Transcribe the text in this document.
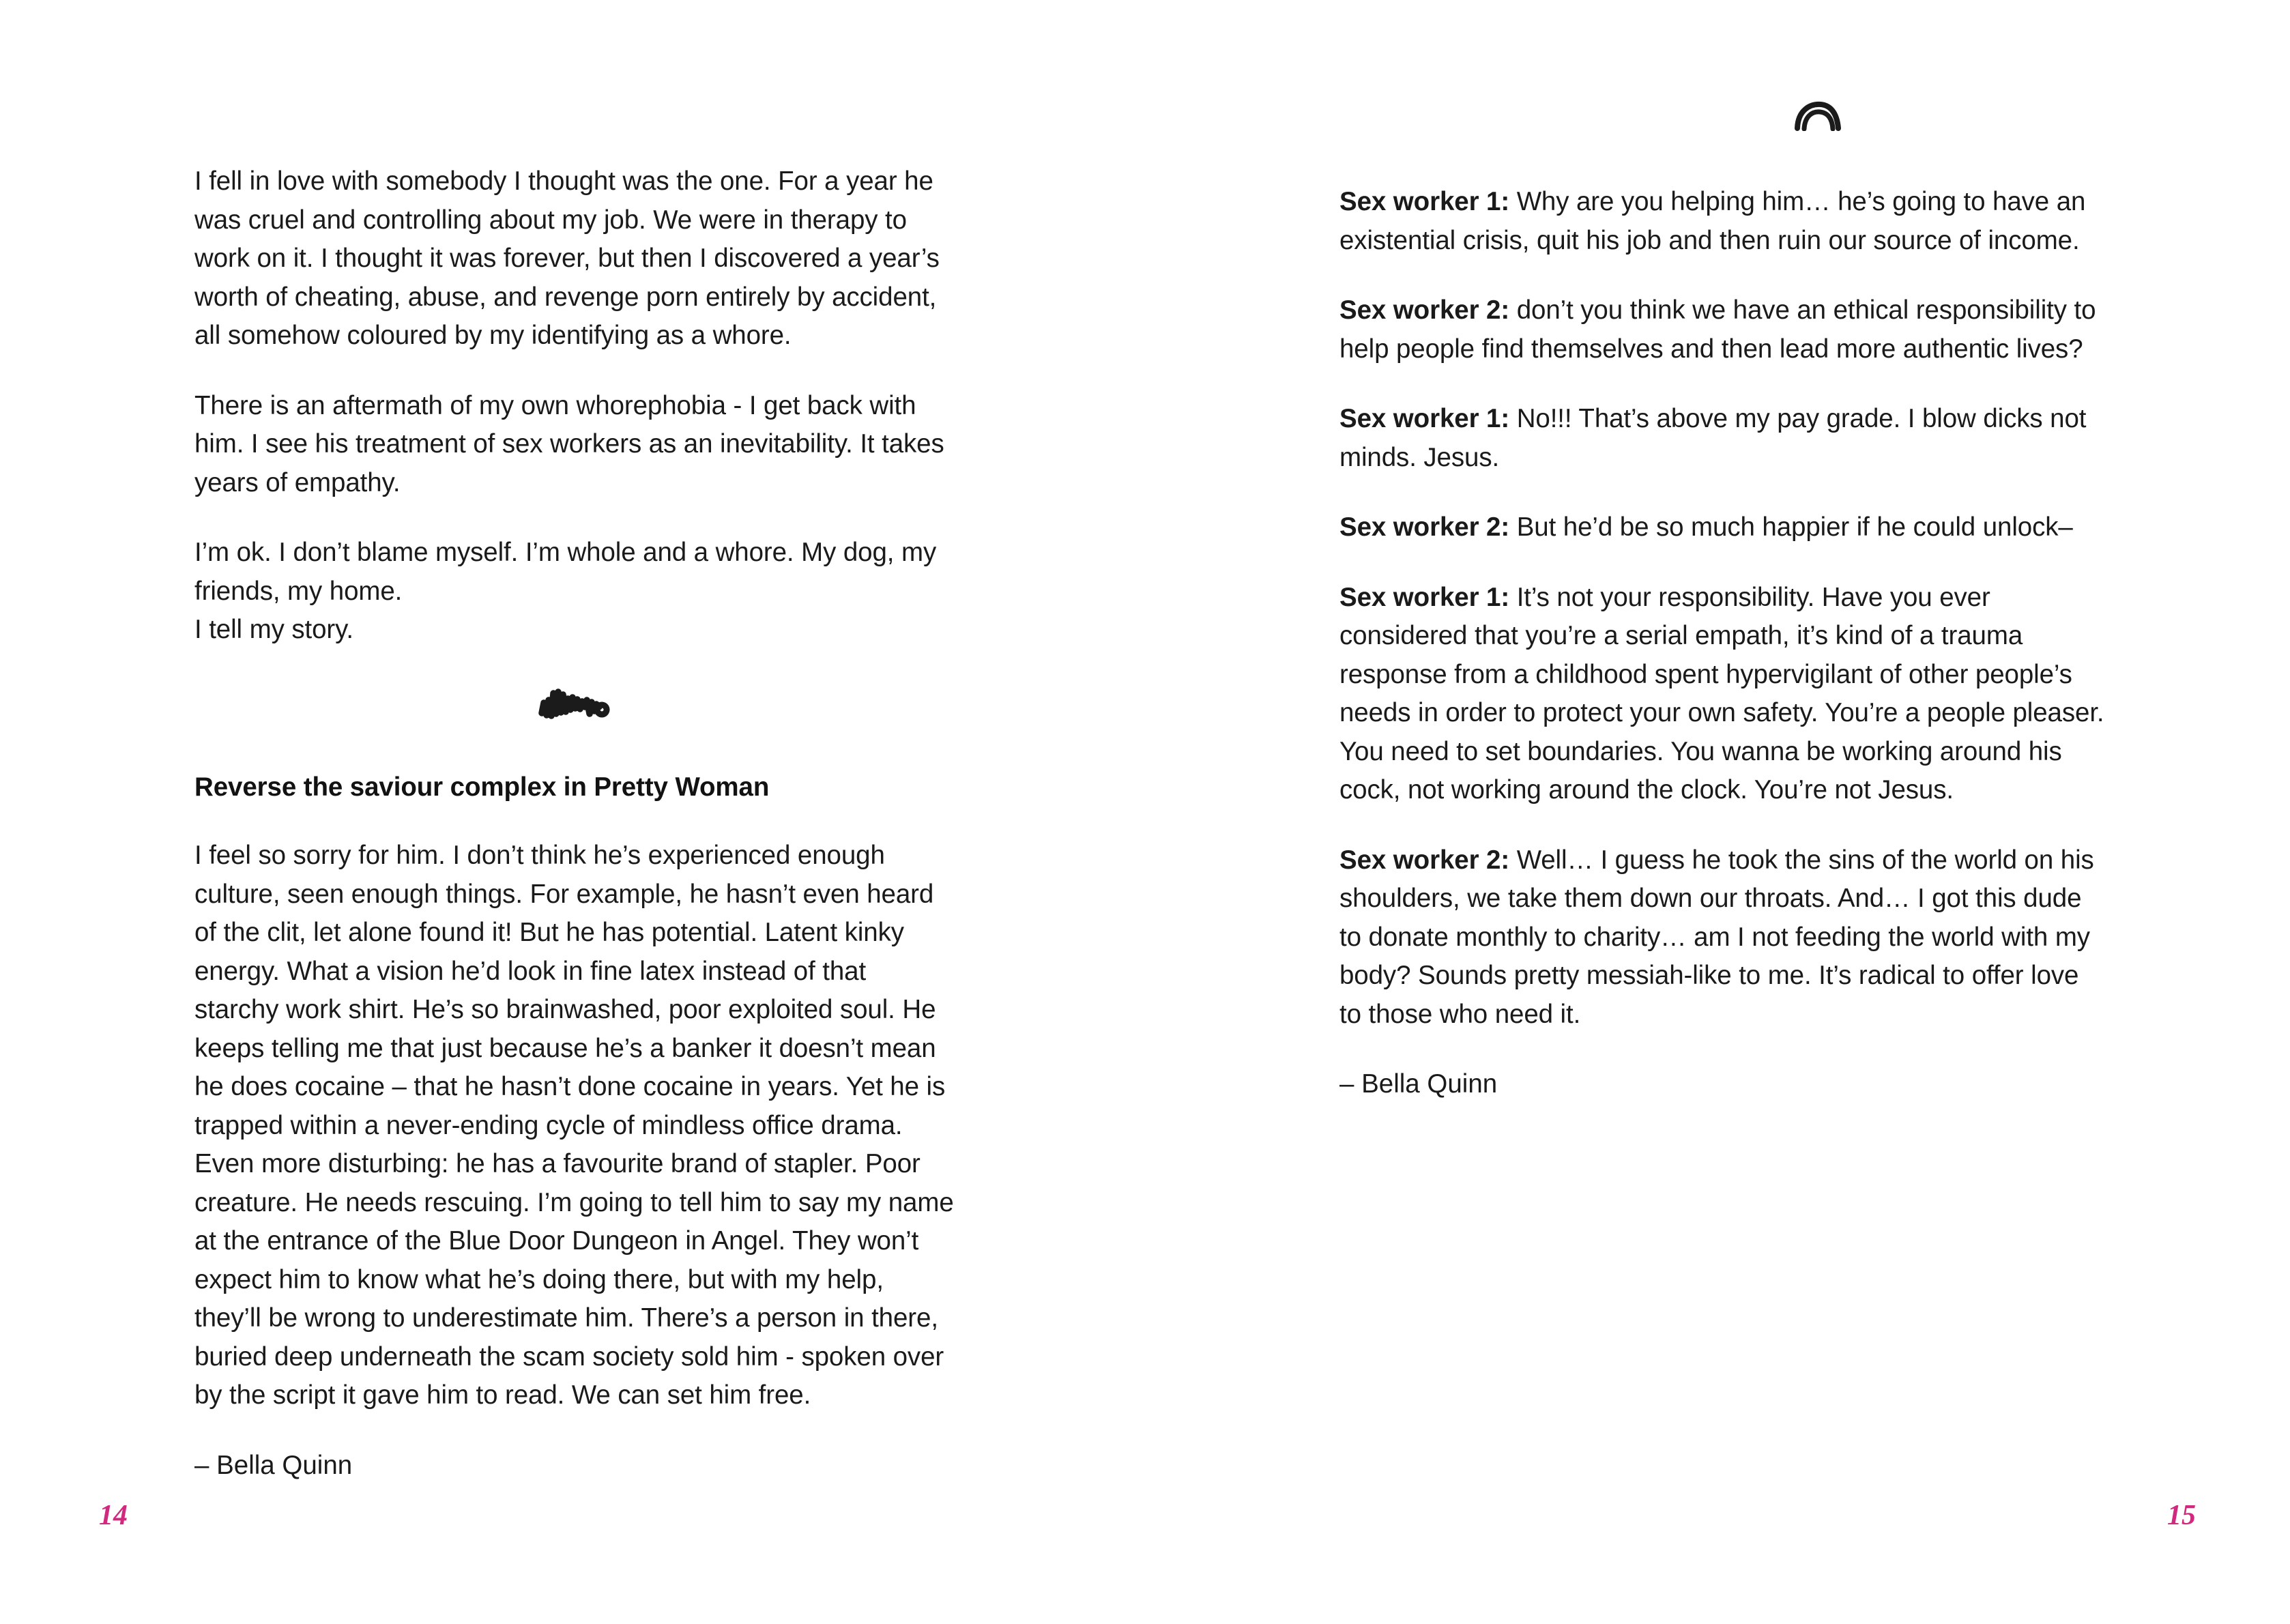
I fell in love with somebody I thought was the one. For a year he was cruel and controlling about my job. We were in therapy to work on it. I thought it was forever, but then I discovered a year’s worth of cheating, abuse, and revenge porn entirely by accident, all somehow coloured by my identifying as a whore.

There is an aftermath of my own whorephobia - I get back with him. I see his treatment of sex workers as an inevitability. It takes years of empathy.

I’m ok. I don’t blame myself. I’m whole and a whore. My dog, my friends, my home.

I tell my story.

Reverse the saviour complex in Pretty Woman

I feel so sorry for him. I don’t think he’s experienced enough culture, seen enough things. For example, he hasn’t even heard of the clit, let alone found it! But he has potential. Latent kinky energy. What a vision he’d look in fine latex instead of that starchy work shirt. He’s so brainwashed, poor exploited soul. He keeps telling me that just because he’s a banker it doesn’t mean he does cocaine – that he hasn’t done cocaine in years. Yet he is trapped within a never-ending cycle of mindless office drama. Even more disturbing: he has a favourite brand of stapler. Poor creature. He needs rescuing. I’m going to tell him to say my name at the entrance of the Blue Door Dungeon in Angel. They won’t expect him to know what he’s doing there, but with my help, they’ll be wrong to underestimate him. There’s a person in there, buried deep underneath the scam society sold him - spoken over by the script it gave him to read. We can set him free.

– Bella Quinn

14

Sex worker 1: Why are you helping him… he’s going to have an existential crisis, quit his job and then ruin our source of income.

Sex worker 2: don’t you think we have an ethical responsibility to help people find themselves and then lead more authentic lives?

Sex worker 1: No!!! That’s above my pay grade. I blow dicks not minds. Jesus.

Sex worker 2: But he’d be so much happier if he could unlock–

Sex worker 1: It’s not your responsibility. Have you ever considered that you’re a serial empath, it’s kind of a trauma response from a childhood spent hypervigilant of other people’s needs in order to protect your own safety. You’re a people pleaser. You need to set boundaries. You wanna be working around his cock, not working around the clock. You’re not Jesus.

Sex worker 2: Well… I guess he took the sins of the world on his shoulders, we take them down our throats. And… I got this dude to donate monthly to charity… am I not feeding the world with my body? Sounds pretty messiah-like to me. It’s radical to offer love to those who need it.

– Bella Quinn

15
